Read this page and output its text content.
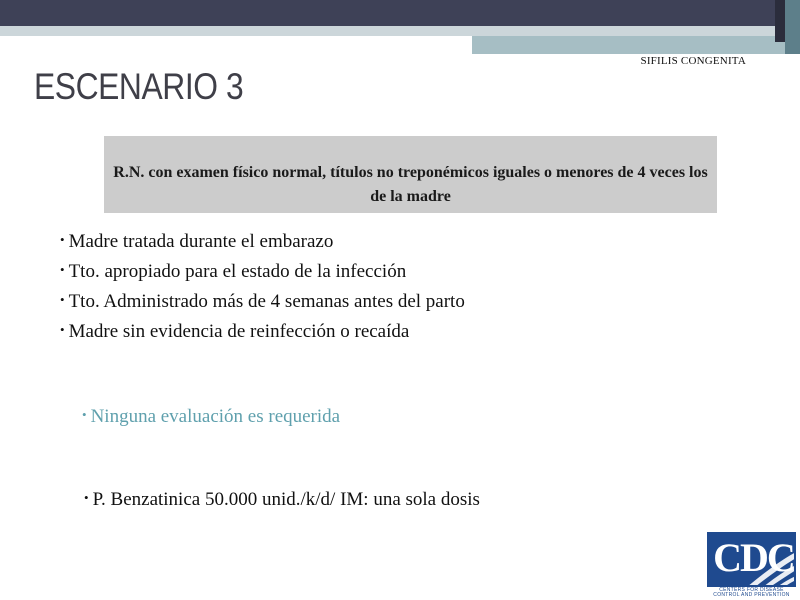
SIFILIS CONGENITA
ESCENARIO 3
R.N. con examen físico normal, títulos no treponémicos iguales o menores de 4 veces los de la madre
• Madre tratada durante el embarazo
• Tto. apropiado para el estado de la infección
• Tto. Administrado más de 4 semanas antes del parto
• Madre sin evidencia de reinfección o recaída
• Ninguna evaluación es requerida
• P. Benzatinica 50.000 unid./k/d/ IM: una sola dosis
CDC
CENTERS FOR DISEASE CONTROL AND PREVENTION
